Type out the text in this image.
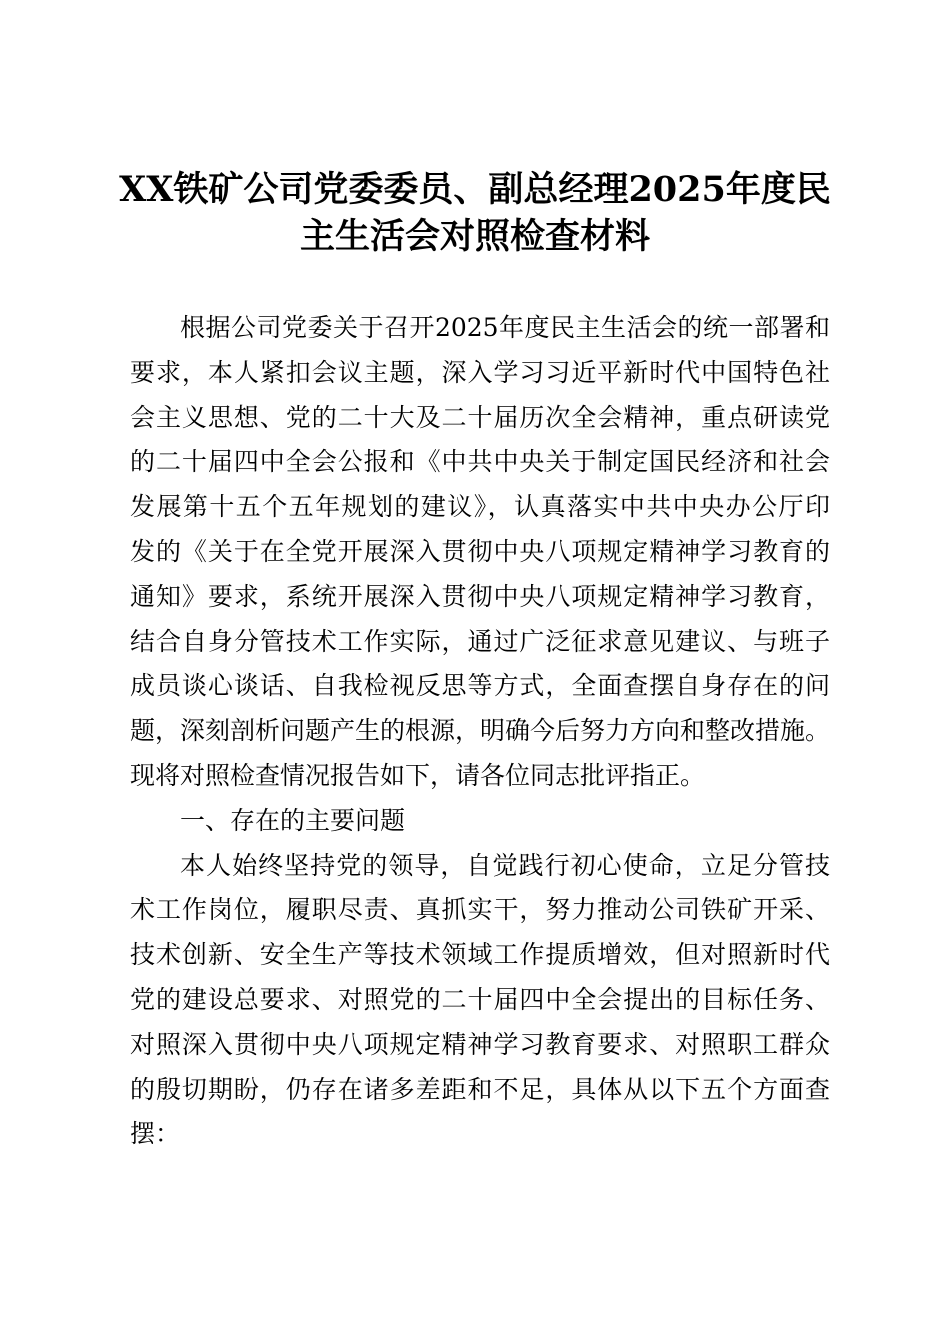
XX铁矿公司党委委员、副总经理2025年度民
主生活会对照检查材料
根据公司党委关于召开2025年度民主生活会的统一部署和
要求，本人紧扣会议主题，深入学习习近平新时代中国特色社
会主义思想、党的二十大及二十届历次全会精神，重点研读党
的二十届四中全会公报和《中共中央关于制定国民经济和社会
发展第十五个五年规划的建议》，认真落实中共中央办公厅印
发的《关于在全党开展深入贯彻中央八项规定精神学习教育的
通知》要求，系统开展深入贯彻中央八项规定精神学习教育，
结合自身分管技术工作实际，通过广泛征求意见建议、与班子
成员谈心谈话、自我检视反思等方式，全面查摆自身存在的问
题，深刻剖析问题产生的根源，明确今后努力方向和整改措施。
现将对照检查情况报告如下，请各位同志批评指正。
一、存在的主要问题
本人始终坚持党的领导，自觉践行初心使命，立足分管技
术工作岗位，履职尽责、真抓实干，努力推动公司铁矿开采、
技术创新、安全生产等技术领域工作提质增效，但对照新时代
党的建设总要求、对照党的二十届四中全会提出的目标任务、
对照深入贯彻中央八项规定精神学习教育要求、对照职工群众
的殷切期盼，仍存在诸多差距和不足，具体从以下五个方面查
摆：
